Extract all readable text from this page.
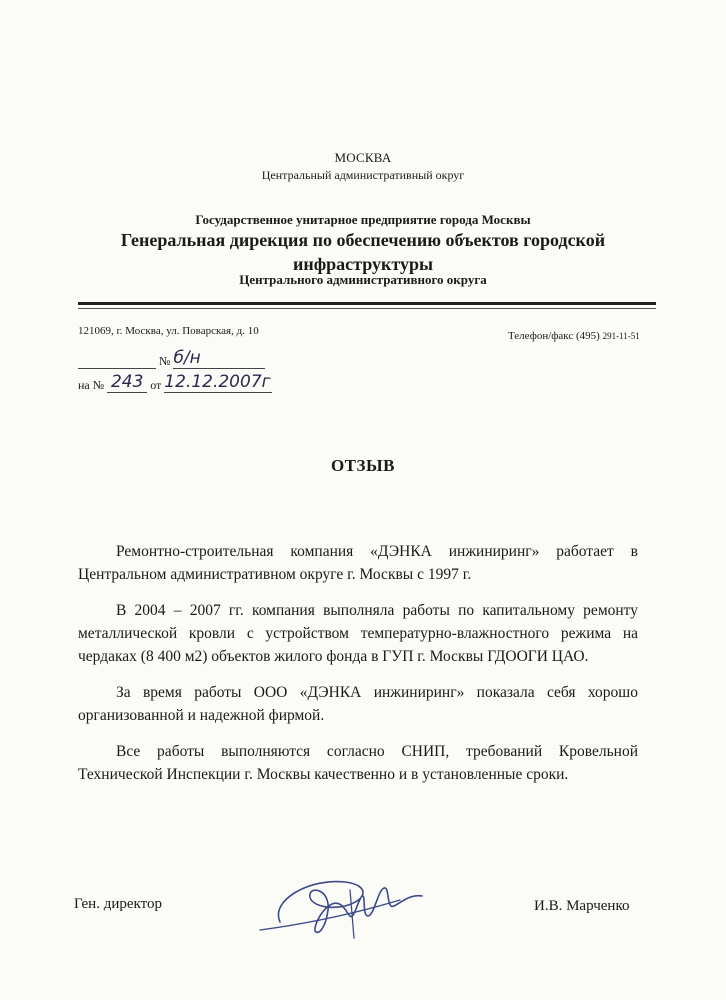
МОСКВА
Центральный административный округ
Государственное унитарное предприятие города Москвы
Генеральная дирекция по обеспечению объектов городской инфраструктуры
Центрального административного округа
121069, г. Москва, ул. Поварская, д. 10	Телефон/факс (495) 291-11-51
№ б/н
на № 243 от 12.12.2007г
ОТЗЫВ

Ремонтно-строительная компания «ДЭНКА инжиниринг» работает в Центральном административном округе г. Москвы с 1997 г.

В 2004 – 2007 гг. компания выполняла работы по капитальному ремонту металлической кровли с устройством температурно-влажностного режима на чердаках (8 400 м2) объектов жилого фонда в ГУП г. Москвы ГДООГИ ЦАО.

За время работы ООО «ДЭНКА инжиниринг» показала себя хорошо организованной и надежной фирмой.

Все работы выполняются согласно СНИП, требований Кровельной Технической Инспекции г. Москвы качественно и в установленные сроки.

Ген. директор	И.В. Марченко
